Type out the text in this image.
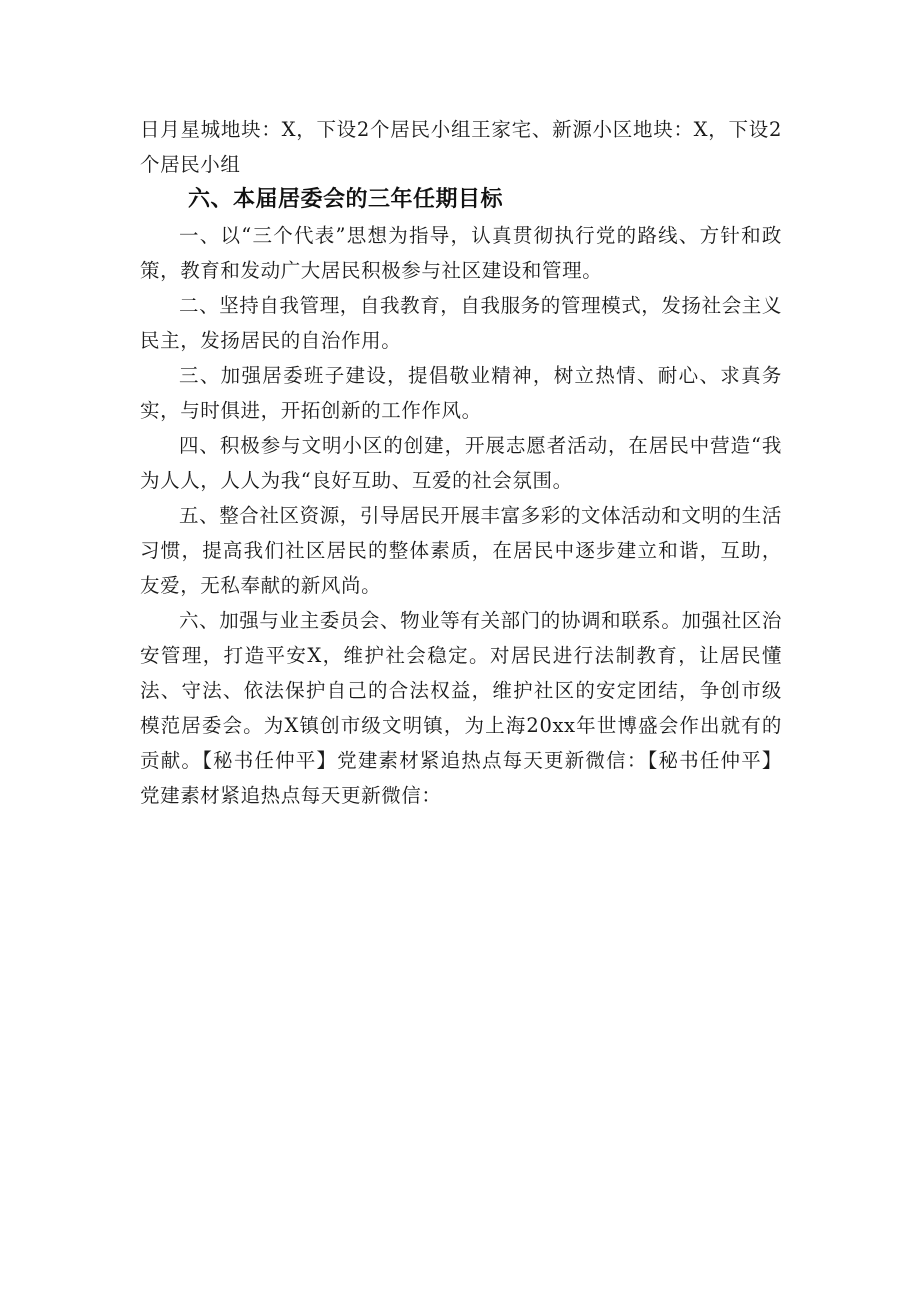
日月星城地块：X，下设2个居民小组王家宅、新源小区地块：X，下设2个居民小组

六、本届居委会的三年任期目标

一、以“三个代表”思想为指导，认真贯彻执行党的路线、方针和政策，教育和发动广大居民积极参与社区建设和管理。

二、坚持自我管理，自我教育，自我服务的管理模式，发扬社会主义民主，发扬居民的自治作用。

三、加强居委班子建设，提倡敬业精神，树立热情、耐心、求真务实，与时俱进，开拓创新的工作作风。

四、积极参与文明小区的创建，开展志愿者活动，在居民中营造“我为人人，人人为我“良好互助、互爱的社会氛围。

五、整合社区资源，引导居民开展丰富多彩的文体活动和文明的生活习惯，提高我们社区居民的整体素质，在居民中逐步建立和谐，互助，友爱，无私奉献的新风尚。

六、加强与业主委员会、物业等有关部门的协调和联系。加强社区治安管理，打造平安X，维护社会稳定。对居民进行法制教育，让居民懂法、守法、依法保护自己的合法权益，维护社区的安定团结，争创市级模范居委会。为X镇创市级文明镇，为上海20xx年世博盛会作出就有的贡献。【秘书任仲平】党建素材紧追热点每天更新微信：【秘书任仲平】党建素材紧追热点每天更新微信：
